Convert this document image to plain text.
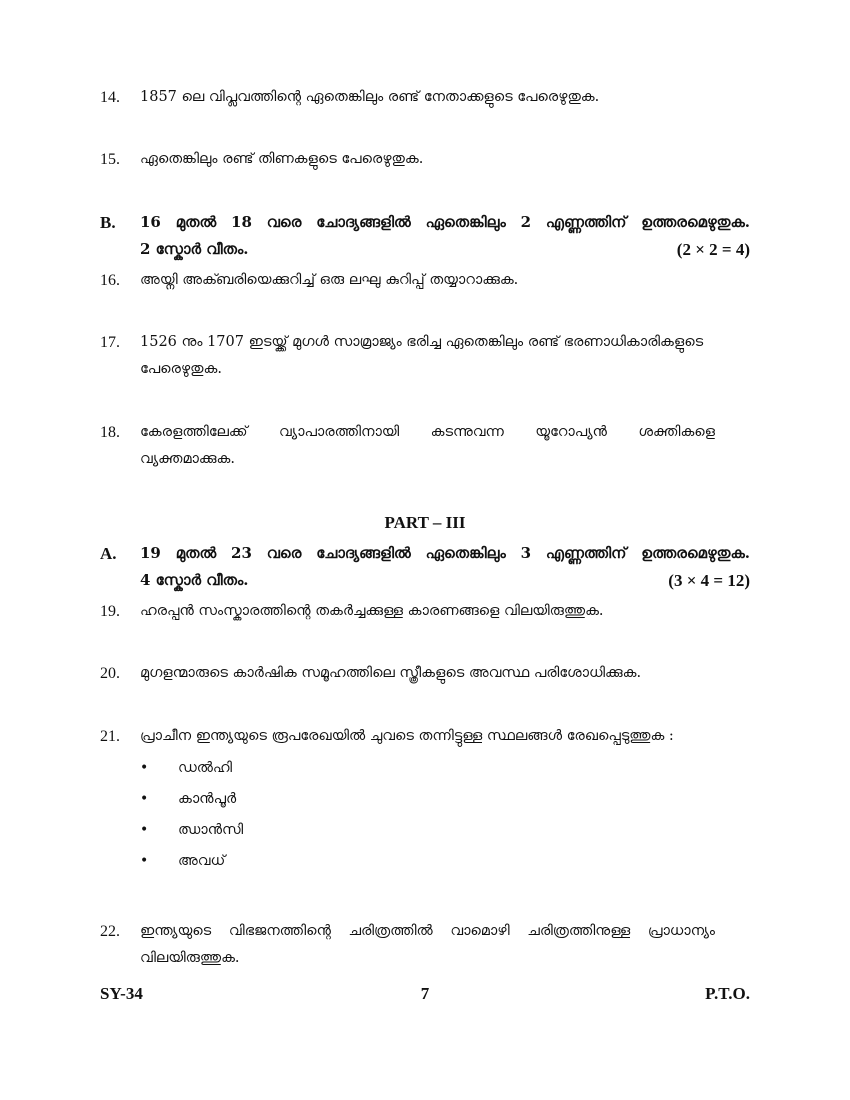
14. 1857 ലെ വിപ്ലവത്തിന്റെ ഏതെങ്കിലും രണ്ട് നേതാക്കളുടെ പേരെഴുതുക.
15. ഏതെങ്കിലും രണ്ട് തിണകളുടെ പേരെഴുതുക.
B. 16 മുതൽ 18 വരെ ചോദ്യങ്ങളിൽ ഏതെങ്കിലും 2 എണ്ണത്തിന് ഉത്തരമെഴുതുക.
2 സ്കോർ വീതം.	(2 × 2 = 4)
16. അയ്നി അക്ബരിയെക്കുറിച്ച് ഒരു ലഘു കുറിപ്പ് തയ്യാറാക്കുക.
17. 1526 നും 1707 ഇടയ്ക്ക് മുഗൾ സാമ്രാജ്യം ഭരിച്ച ഏതെങ്കിലും രണ്ട് ഭരണാധികാരികളുടെ
പേരെഴുതുക.
18. കേരളത്തിലേക്ക് വ്യാപാരത്തിനായി കടന്നുവന്ന യൂറോപ്യൻ ശക്തികളെ
വ്യക്തമാക്കുക.
PART – III
A. 19 മുതൽ 23 വരെ ചോദ്യങ്ങളിൽ ഏതെങ്കിലും 3 എണ്ണത്തിന് ഉത്തരമെഴുതുക.
4 സ്കോർ വീതം.	(3 × 4 = 12)
19. ഹരപ്പൻ സംസ്കാരത്തിന്റെ തകർച്ചക്കുള്ള കാരണങ്ങളെ വിലയിരുത്തുക.
20. മുഗളന്മാരുടെ കാർഷിക സമൂഹത്തിലെ സ്ത്രീകളുടെ അവസ്ഥ പരിശോധിക്കുക.
21. പ്രാചീന ഇന്ത്യയുടെ രൂപരേഖയിൽ ചുവടെ തന്നിട്ടുള്ള സ്ഥലങ്ങൾ രേഖപ്പെടുത്തുക :
• ഡൽഹി
• കാൻപൂർ
• ഝാൻസി
• അവധ്
22. ഇന്ത്യയുടെ വിഭജനത്തിന്റെ ചരിത്രത്തിൽ വാമൊഴി ചരിത്രത്തിനുള്ള പ്രാധാന്യം
വിലയിരുത്തുക.
SY-34	7	P.T.O.
